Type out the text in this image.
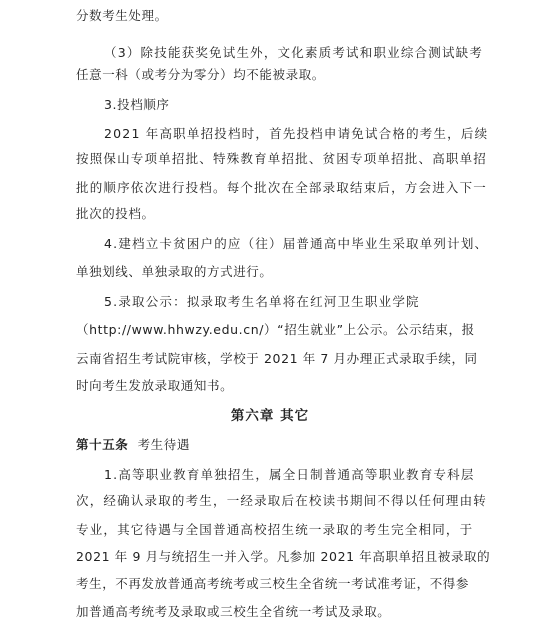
分数考生处理。
（3）除技能获奖免试生外，文化素质考试和职业综合测试缺考
任意一科（或考分为零分）均不能被录取。
3.投档顺序
2021 年高职单招投档时，首先投档申请免试合格的考生，后续
按照保山专项单招批、特殊教育单招批、贫困专项单招批、高职单招
批的顺序依次进行投档。每个批次在全部录取结束后，方会进入下一
批次的投档。
4.建档立卡贫困户的应（往）届普通高中毕业生采取单列计划、
单独划线、单独录取的方式进行。
5.录取公示：拟录取考生名单将在红河卫生职业学院
（http://www.hhwzy.edu.cn/）“招生就业”上公示。公示结束，报
云南省招生考试院审核，学校于 2021 年 7 月办理正式录取手续，同
时向考生发放录取通知书。
第六章 其它
第十五条 考生待遇
1.高等职业教育单独招生，属全日制普通高等职业教育专科层
次，经确认录取的考生，一经录取后在校读书期间不得以任何理由转
专业，其它待遇与全国普通高校招生统一录取的考生完全相同，于
2021 年 9 月与统招生一并入学。凡参加 2021 年高职单招且被录取的
考生，不再发放普通高考统考或三校生全省统一考试准考证，不得参
加普通高考统考及录取或三校生全省统一考试及录取。
